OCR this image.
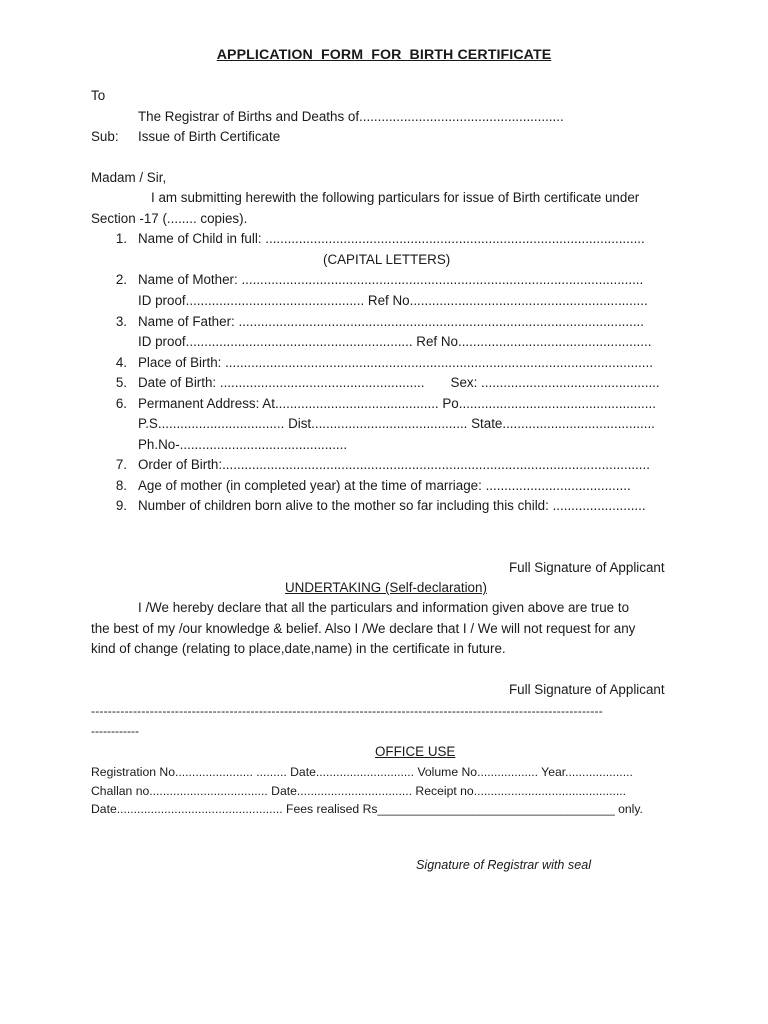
APPLICATION  FORM  FOR  BIRTH CERTIFICATE
To
The Registrar of Births and Deaths of.......................................................
Sub: Issue of Birth Certificate
Madam / Sir,
I am submitting herewith the following particulars for issue of Birth certificate under
Section -17 (........ copies).
1. Name of Child in full: ......................................................................................................
(CAPITAL LETTERS)
2. Name of Mother: ............................................................................................................
ID proof................................................ Ref No................................................................
3. Name of Father: .............................................................................................................
ID proof............................................................. Ref No....................................................
4. Place of Birth: ...................................................................................................................
5. Date of Birth: .......................................................       Sex: ................................................
6. Permanent Address: At............................................ Po.....................................................
P.S.................................. Dist.......................................... State.........................................
Ph.No-.............................................
7. Order of Birth:...................................................................................................................
8. Age of mother (in completed year) at the time of marriage: .......................................
9. Number of children born alive to the mother so far including this child: .........................
Full Signature of Applicant
UNDERTAKING (Self-declaration)
I /We hereby declare that all the particulars and information given above are true to
the best of my /our knowledge & belief. Also I /We declare that I / We will not request for any
kind of change (relating to place,date,name) in the certificate in future.
Full Signature of Applicant
--------------------------------------------------------------------------------------------------------------------------
------------
OFFICE USE
Registration No....................... ......... Date............................. Volume No.................. Year....................
Challan no................................... Date.................................. Receipt no.............................................
Date................................................. Fees realised Rs___________________________________ only.
Signature of Registrar with seal
